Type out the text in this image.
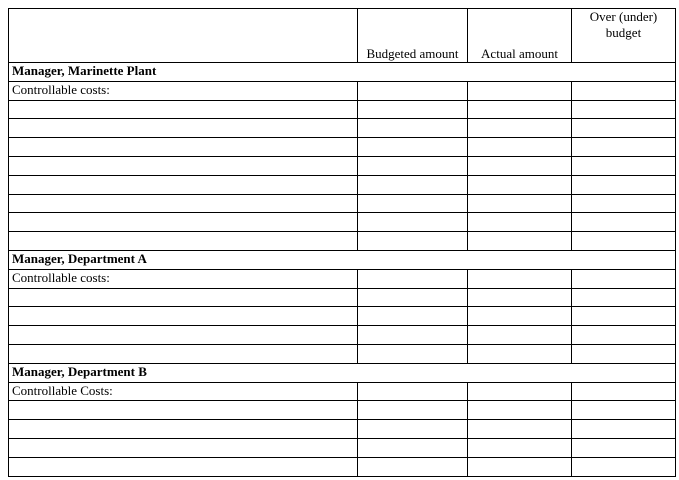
	Budgeted amount	Actual amount	Over (under) budget
Manager, Marinette Plant			
Controllable costs:			

Manager, Department A			
Controllable costs:			

Manager, Department B			
Controllable Costs:			
